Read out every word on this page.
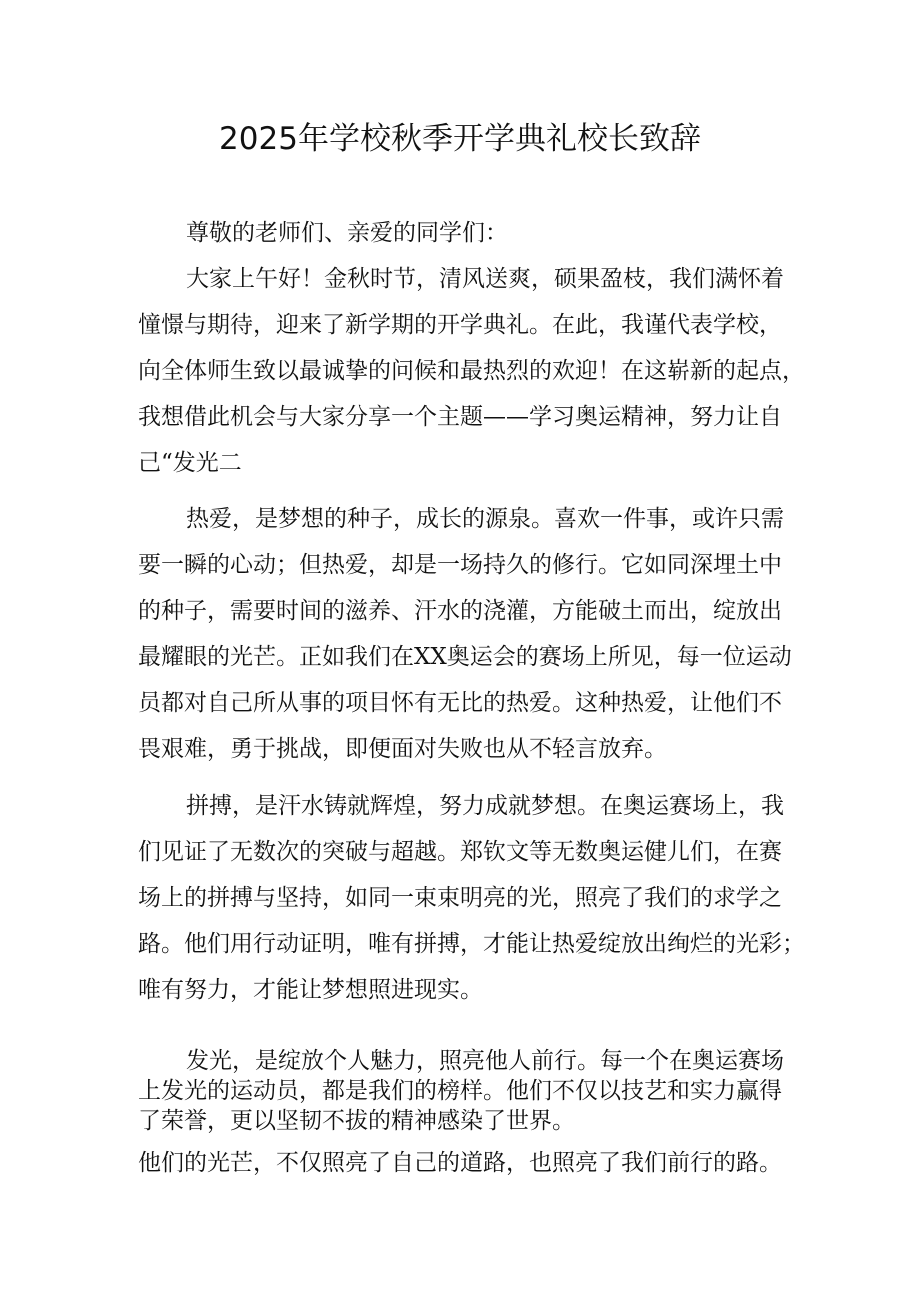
2025年学校秋季开学典礼校长致辞
尊敬的老师们、亲爱的同学们：
大家上午好！金秋时节，清风送爽，硕果盈枝，我们满怀着
憧憬与期待，迎来了新学期的开学典礼。在此，我谨代表学校，
向全体师生致以最诚挚的问候和最热烈的欢迎！在这崭新的起点，
我想借此机会与大家分享一个主题——学习奥运精神，努力让自
己“发光二
热爱，是梦想的种子，成长的源泉。喜欢一件事，或许只需
要一瞬的心动；但热爱，却是一场持久的修行。它如同深埋土中
的种子，需要时间的滋养、汗水的浇灌，方能破土而出，绽放出
最耀眼的光芒。正如我们在XX奥运会的赛场上所见，每一位运动
员都对自己所从事的项目怀有无比的热爱。这种热爱，让他们不
畏艰难，勇于挑战，即便面对失败也从不轻言放弃。
拼搏，是汗水铸就辉煌，努力成就梦想。在奥运赛场上，我
们见证了无数次的突破与超越。郑钦文等无数奥运健儿们，在赛
场上的拼搏与坚持，如同一束束明亮的光，照亮了我们的求学之
路。他们用行动证明，唯有拼搏，才能让热爱绽放出绚烂的光彩；
唯有努力，才能让梦想照进现实。
发光，是绽放个人魅力，照亮他人前行。每一个在奥运赛场
上发光的运动员，都是我们的榜样。他们不仅以技艺和实力赢得
了荣誉，更以坚韧不拔的精神感染了世界。
他们的光芒，不仅照亮了自己的道路，也照亮了我们前行的路。
